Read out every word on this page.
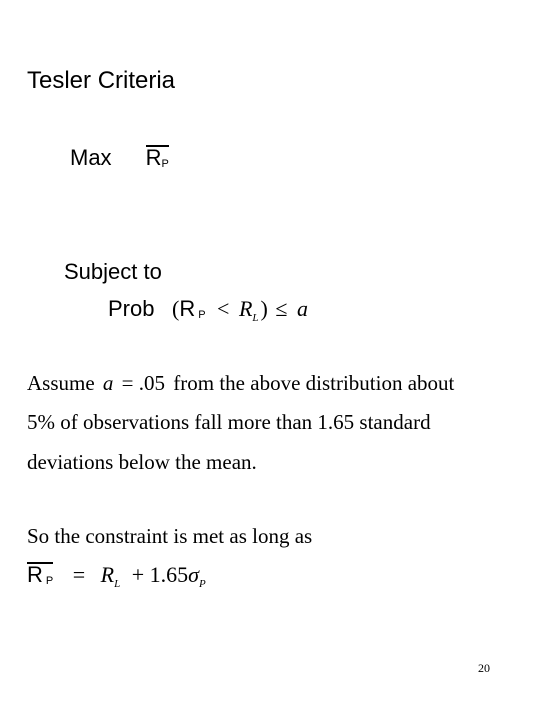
Tesler Criteria
Max RP
Subject to
Prob (R $P < R_L) \le a$
Assume a = .05 from the above distribution about
5% of observations fall more than 1.65 standard
deviations below the mean.
So the constraint is met as long as
R $P = R_L + 1.65\sigma_P$
20
